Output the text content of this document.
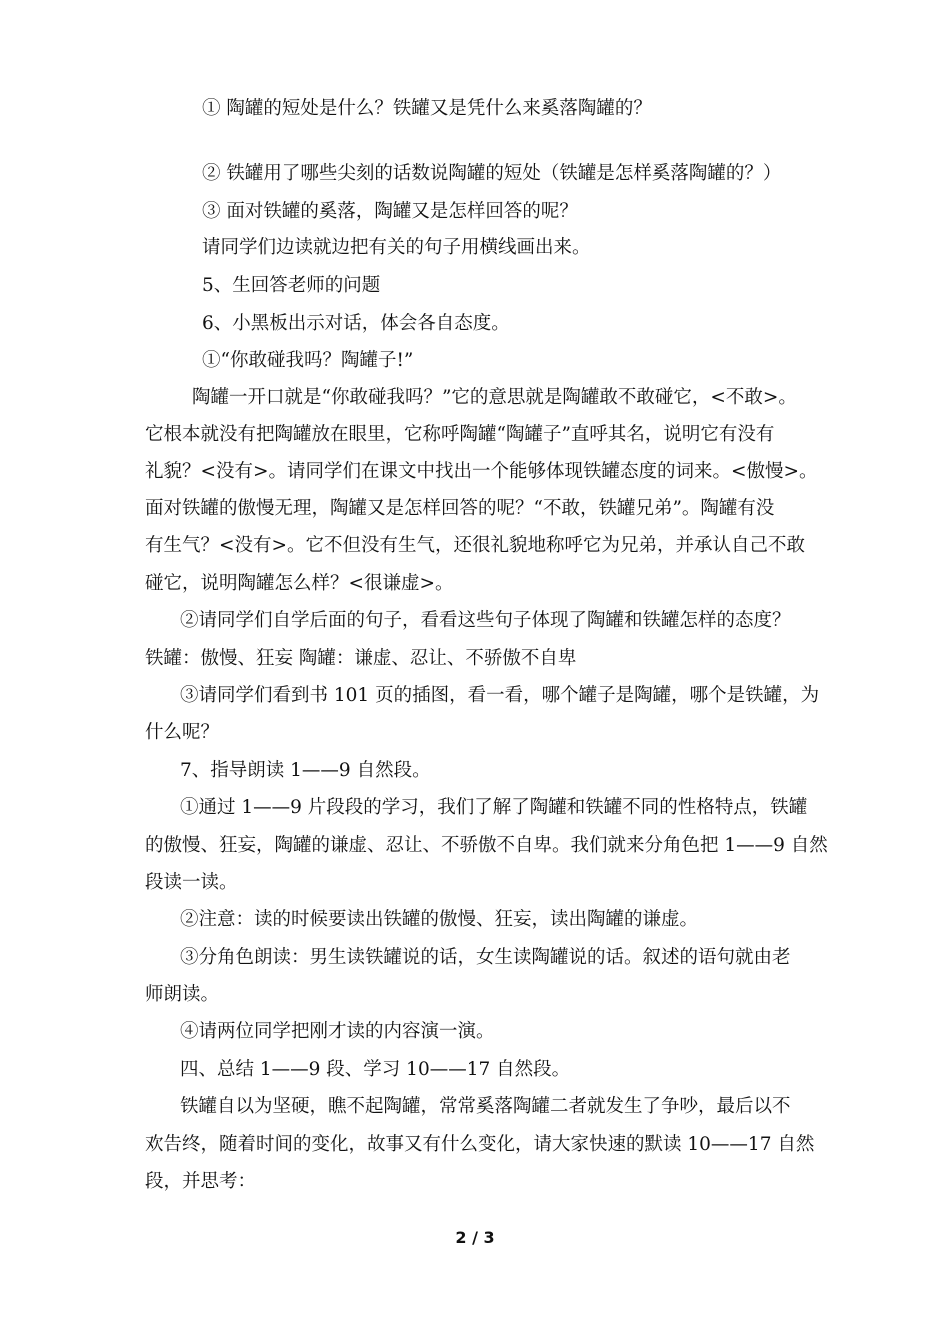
① 陶罐的短处是什么？铁罐又是凭什么来奚落陶罐的？
② 铁罐用了哪些尖刻的话数说陶罐的短处（铁罐是怎样奚落陶罐的？）
③ 面对铁罐的奚落，陶罐又是怎样回答的呢？
请同学们边读就边把有关的句子用横线画出来。
5、生回答老师的问题
6、小黑板出示对话，体会各自态度。
①“你敢碰我吗？陶罐子!”
陶罐一开口就是“你敢碰我吗？”它的意思就是陶罐敢不敢碰它，<不敢>。
它根本就没有把陶罐放在眼里，它称呼陶罐“陶罐子”直呼其名，说明它有没有
礼貌？<没有>。请同学们在课文中找出一个能够体现铁罐态度的词来。<傲慢>。
面对铁罐的傲慢无理，陶罐又是怎样回答的呢？“不敢，铁罐兄弟”。陶罐有没
有生气？<没有>。它不但没有生气，还很礼貌地称呼它为兄弟，并承认自己不敢
碰它，说明陶罐怎么样？<很谦虚>。
②请同学们自学后面的句子，看看这些句子体现了陶罐和铁罐怎样的态度？
铁罐：傲慢、狂妄 陶罐：谦虚、忍让、不骄傲不自卑
③请同学们看到书 101 页的插图，看一看，哪个罐子是陶罐，哪个是铁罐，为
什么呢？
7、指导朗读 1——9 自然段。
①通过 1——9 片段段的学习，我们了解了陶罐和铁罐不同的性格特点，铁罐
的傲慢、狂妄，陶罐的谦虚、忍让、不骄傲不自卑。我们就来分角色把 1——9 自然
段读一读。
②注意：读的时候要读出铁罐的傲慢、狂妄，读出陶罐的谦虚。
③分角色朗读：男生读铁罐说的话，女生读陶罐说的话。叙述的语句就由老
师朗读。
④请两位同学把刚才读的内容演一演。
四、总结 1——9 段、学习 10——17 自然段。
铁罐自以为坚硬，瞧不起陶罐，常常奚落陶罐二者就发生了争吵，最后以不
欢告终，随着时间的变化，故事又有什么变化，请大家快速的默读 10——17 自然
段，并思考：
2 / 3
